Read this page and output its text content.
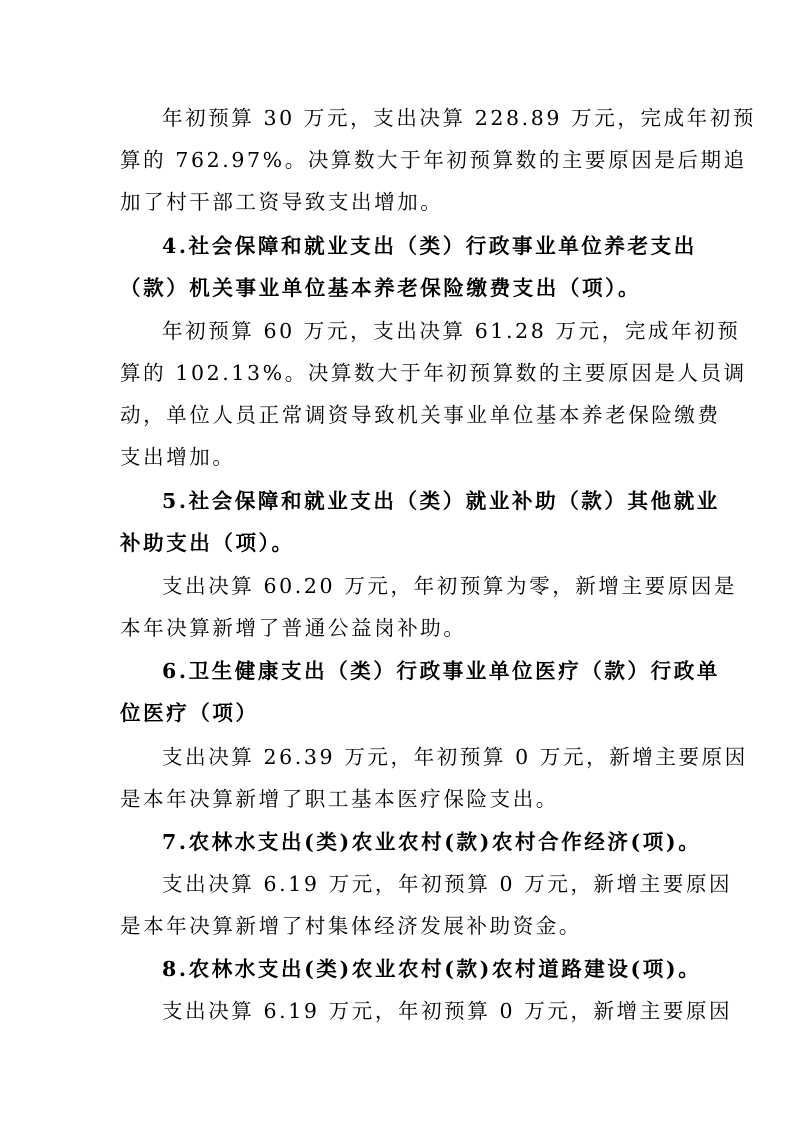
年初预算 30 万元，支出决算 228.89 万元，完成年初预
算的 762.97%。决算数大于年初预算数的主要原因是后期追
加了村干部工资导致支出增加。
4.社会保障和就业支出（类）行政事业单位养老支出
（款）机关事业单位基本养老保险缴费支出（项）。
年初预算 60 万元，支出决算 61.28 万元，完成年初预
算的 102.13%。决算数大于年初预算数的主要原因是人员调
动，单位人员正常调资导致机关事业单位基本养老保险缴费
支出增加。
5.社会保障和就业支出（类）就业补助（款）其他就业
补助支出（项）。
支出决算 60.20 万元，年初预算为零，新增主要原因是
本年决算新增了普通公益岗补助。
6.卫生健康支出（类）行政事业单位医疗（款）行政单
位医疗（项）
支出决算 26.39 万元，年初预算 0 万元，新增主要原因
是本年决算新增了职工基本医疗保险支出。
7.农林水支出(类)农业农村(款)农村合作经济(项)。
支出决算 6.19 万元，年初预算 0 万元，新增主要原因
是本年决算新增了村集体经济发展补助资金。
8.农林水支出(类)农业农村(款)农村道路建设(项)。
支出决算 6.19 万元，年初预算 0 万元，新增主要原因
